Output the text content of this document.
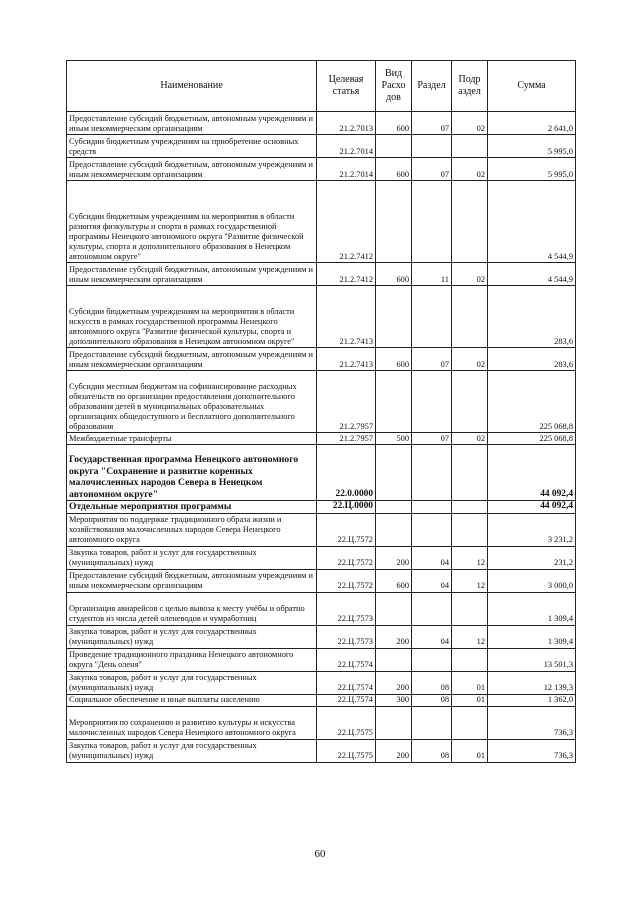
Наименование	Целевая статья	Вид Расхо дов	Раздел	Подр аздел	Сумма
Предоставление субсидий бюджетным, автономным учреждениям и иным некоммерческим организациям	21.2.7013	600	07	02	2 641,0
Субсидии бюджетным учреждениям на приобретение основных средств	21.2.7014				5 995,0
Предоставление субсидий бюджетным, автономным учреждениям и иным некоммерческим организациям	21.2.7014	600	07	02	5 995,0
Субсидии бюджетным учреждениям на мероприятия в области развития физкультуры и спорта в рамках государственной программы Ненецкого автономного округа "Развитие физической культуры, спорта и дополнительного образования в Ненецком автономном округе"	21.2.7412				4 544,9
Предоставление субсидий бюджетным, автономным учреждениям и иным некоммерческим организациям	21.2.7412	600	11	02	4 544,9
Субсидии бюджетным учреждениям на мероприятия в области искусств в рамках государственной программы Ненецкого автономного округа "Развитие физической культуры, спорта и дополнительного образования в Ненецком автономном округе"	21.2.7413				283,6
Предоставление субсидий бюджетным, автономным учреждениям и иным некоммерческим организациям	21.2.7413	600	07	02	283,6
Субсидии местным бюджетам на софинансирование расходных обязательств по организации предоставления дополнительного образования детей в муниципальных образовательных организациях общедоступного и бесплатного дополнительного образования	21.2.7957				225 068,8
Межбюджетные трансферты	21.2.7957	500	07	02	225 068,8
Государственная программа Ненецкого автономного округа "Сохранение и развитие коренных малочисленных народов Севера в Ненецком автономном округе"	22.0.0000				44 092,4
Отдельные мероприятия программы	22.Ц.0000				44 092,4
Мероприятия по поддержке традиционного образа жизни и хозяйствования малочисленных народов Севера Ненецкого автономного округа	22.Ц.7572				3 231,2
Закупка товаров, работ и услуг для государственных (муниципальных) нужд	22.Ц.7572	200	04	12	231,2
Предоставление субсидий бюджетным, автономным учреждениям и иным некоммерческим организациям	22.Ц.7572	600	04	12	3 000,0
Организация авиарейсов с целью вывоза к месту учёбы и обратно студентов из числа детей оленеводов и чумработниц	22.Ц.7573				1 309,4
Закупка товаров, работ и услуг для государственных (муниципальных) нужд	22.Ц.7573	200	04	12	1 309,4
Проведение традиционного праздника Ненецкого автономного округа "День оленя"	22.Ц.7574				13 501,3
Закупка товаров, работ и услуг для государственных (муниципальных) нужд	22.Ц.7574	200	08	01	12 139,3
Социальное обеспечение и иные выплаты населению	22.Ц.7574	300	08	01	1 362,0
Мероприятия по сохранению и развитию культуры и искусства малочисленных народов Севера Ненецкого автономного округа	22.Ц.7575				736,3
Закупка товаров, работ и услуг для государственных (муниципальных) нужд	22.Ц.7575	200	08	01	736,3
60
